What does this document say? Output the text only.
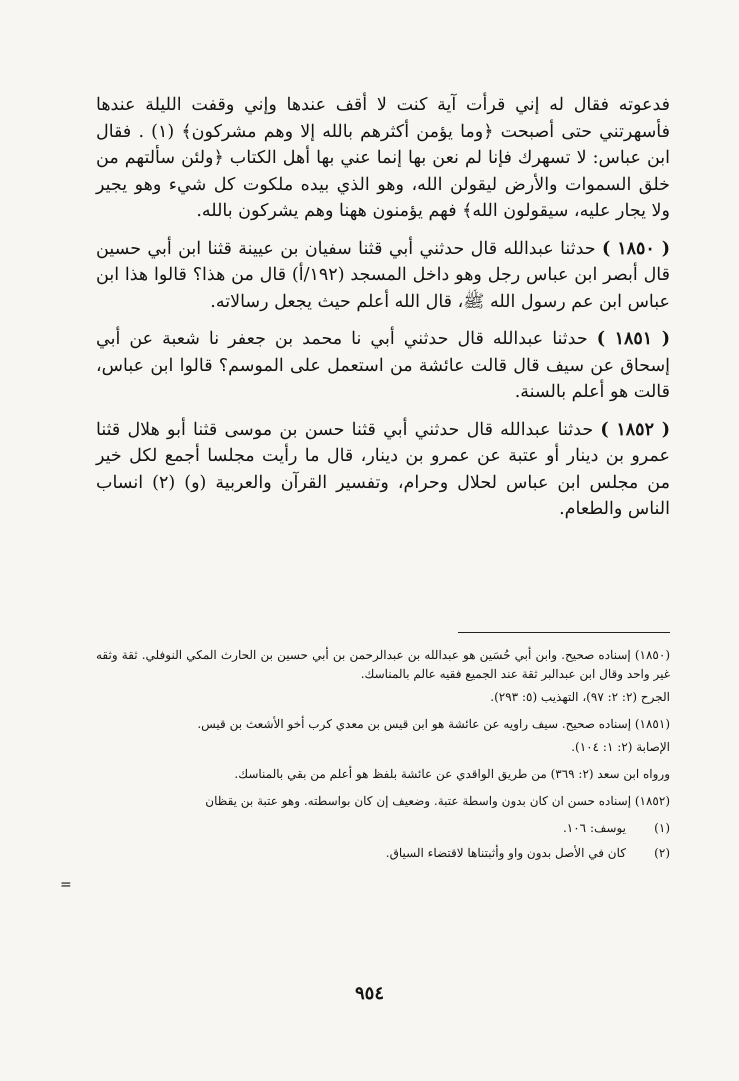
فدعوته فقال له إني قرأت آية كنت لا أقف عندها وإني وقفت الليلة عندها فأسهرتني حتى أصبحت ﴿وما يؤمن أكثرهم بالله إلا وهم مشركون﴾ (١) . فقال ابن عباس: لا تسهرك فإنا لم نعن بها إنما عني بها أهل الكتاب ﴿ولئن سألتهم من خلق السموات والأرض ليقولن الله، وهو الذي بيده ملكوت كل شيء وهو يجير ولا يجار عليه، سيقولون الله﴾ فهم يؤمنون ههنا وهم يشركون بالله.

( ١٨٥٠ ) حدثنا عبدالله قال حدثني أبي قثنا سفيان بن عيينة قثنا ابن أبي حسين قال أبصر ابن عباس رجل وهو داخل المسجد (١٩٢/أ) قال من هذا؟ قالوا هذا ابن عباس ابن عم رسول الله ﷺ، قال الله أعلم حيث يجعل رسالاته.

( ١٨٥١ ) حدثنا عبدالله قال حدثني أبي نا محمد بن جعفر نا شعبة عن أبي إسحاق عن سيف قال قالت عائشة من استعمل على الموسم؟ قالوا ابن عباس، قالت هو أعلم بالسنة.

( ١٨٥٢ ) حدثنا عبدالله قال حدثني أبي قثنا حسن بن موسى قثنا أبو هلال قثنا عمرو بن دينار أو عتبة عن عمرو بن دينار، قال ما رأيت مجلسا أجمع لكل خير من مجلس ابن عباس لحلال وحرام، وتفسير القرآن والعربية (و) (٢) انساب الناس والطعام.

(١٨٥٠) إسناده صحيح. وابن أبي حُسَين هو عبدالله بن عبدالرحمن بن أبي حسين بن الحارث المكي النوفلي. ثقة وثقه غير واحد وقال ابن عبدالبر ثقة عند الجميع فقيه عالم بالمناسك.

الجرح (٢: ٢: ٩٧)، التهذيب (٥: ٢٩٣).

(١٨٥١) إسناده صحيح. سيف راويه عن عائشة هو ابن قيس بن معدي كرب أخو الأشعث بن قيس.

الإصابة (٢: ١: ١٠٤).

ورواه ابن سعد (٢: ٣٦٩) من طريق الواقدي عن عائشة بلفظ هو أعلم من بقي بالمناسك.

(١٨٥٢) إسناده حسن ان كان بدون واسطة عتبة. وضعيف إن كان بواسطته. وهو عتبة بن يقظان

(١)
يوسف: ١٠٦.
(٢)
كان في الأصل بدون واو وأثبتناها لاقتضاء السياق.
=
٩٥٤
